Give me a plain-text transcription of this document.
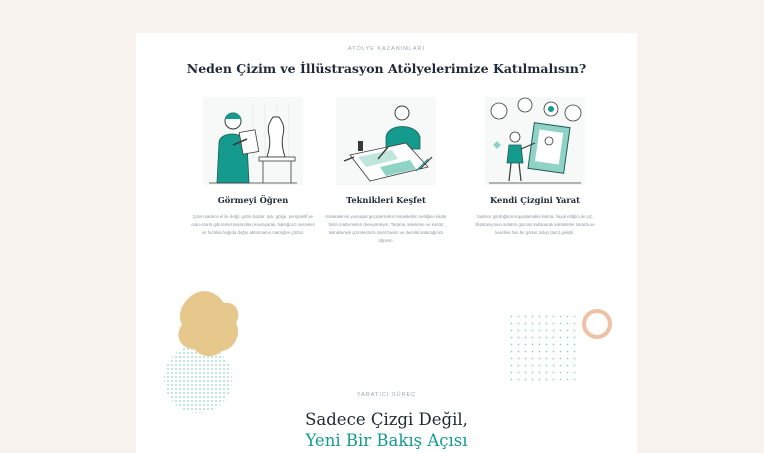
ATÖLYE KAZANIMLARI
Neden Çizim ve İllüstrasyon Atölyelerimize Katılmalısın?
Görmeyi Öğren
Çizim sadece el ile değil, gözle başlar. Işık, gölge, perspektif ve oran-orantı gibi temel kavramları kavrayarak, baktığınız nesneleri ve formları kağıda doğru aktarmanın mantığını çözün.
Teknikleri Keşfet
Karakalemin yumuşak geçişlerinden mürekkebin netliğine kadar farklı malzemeleri deneyimleyin. Tarama, lekeleme ve kontür teknikleriyle çizimlerinize nasıl hacim ve derinlik katacağınızı öğrenin.
Kendi Çizgini Yarat
Sadece gördüğünü kopyalamakla kalma, hayal ettiğini de çiz. İllüstrasyonun anlatım gücünü kullanarak karakterler tasarla ve kendine has bir görsel üslup (tarz) geliştir.
YARATICI SÜREÇ
Sadece Çizgi Değil,
Yeni Bir Bakış Açısı
